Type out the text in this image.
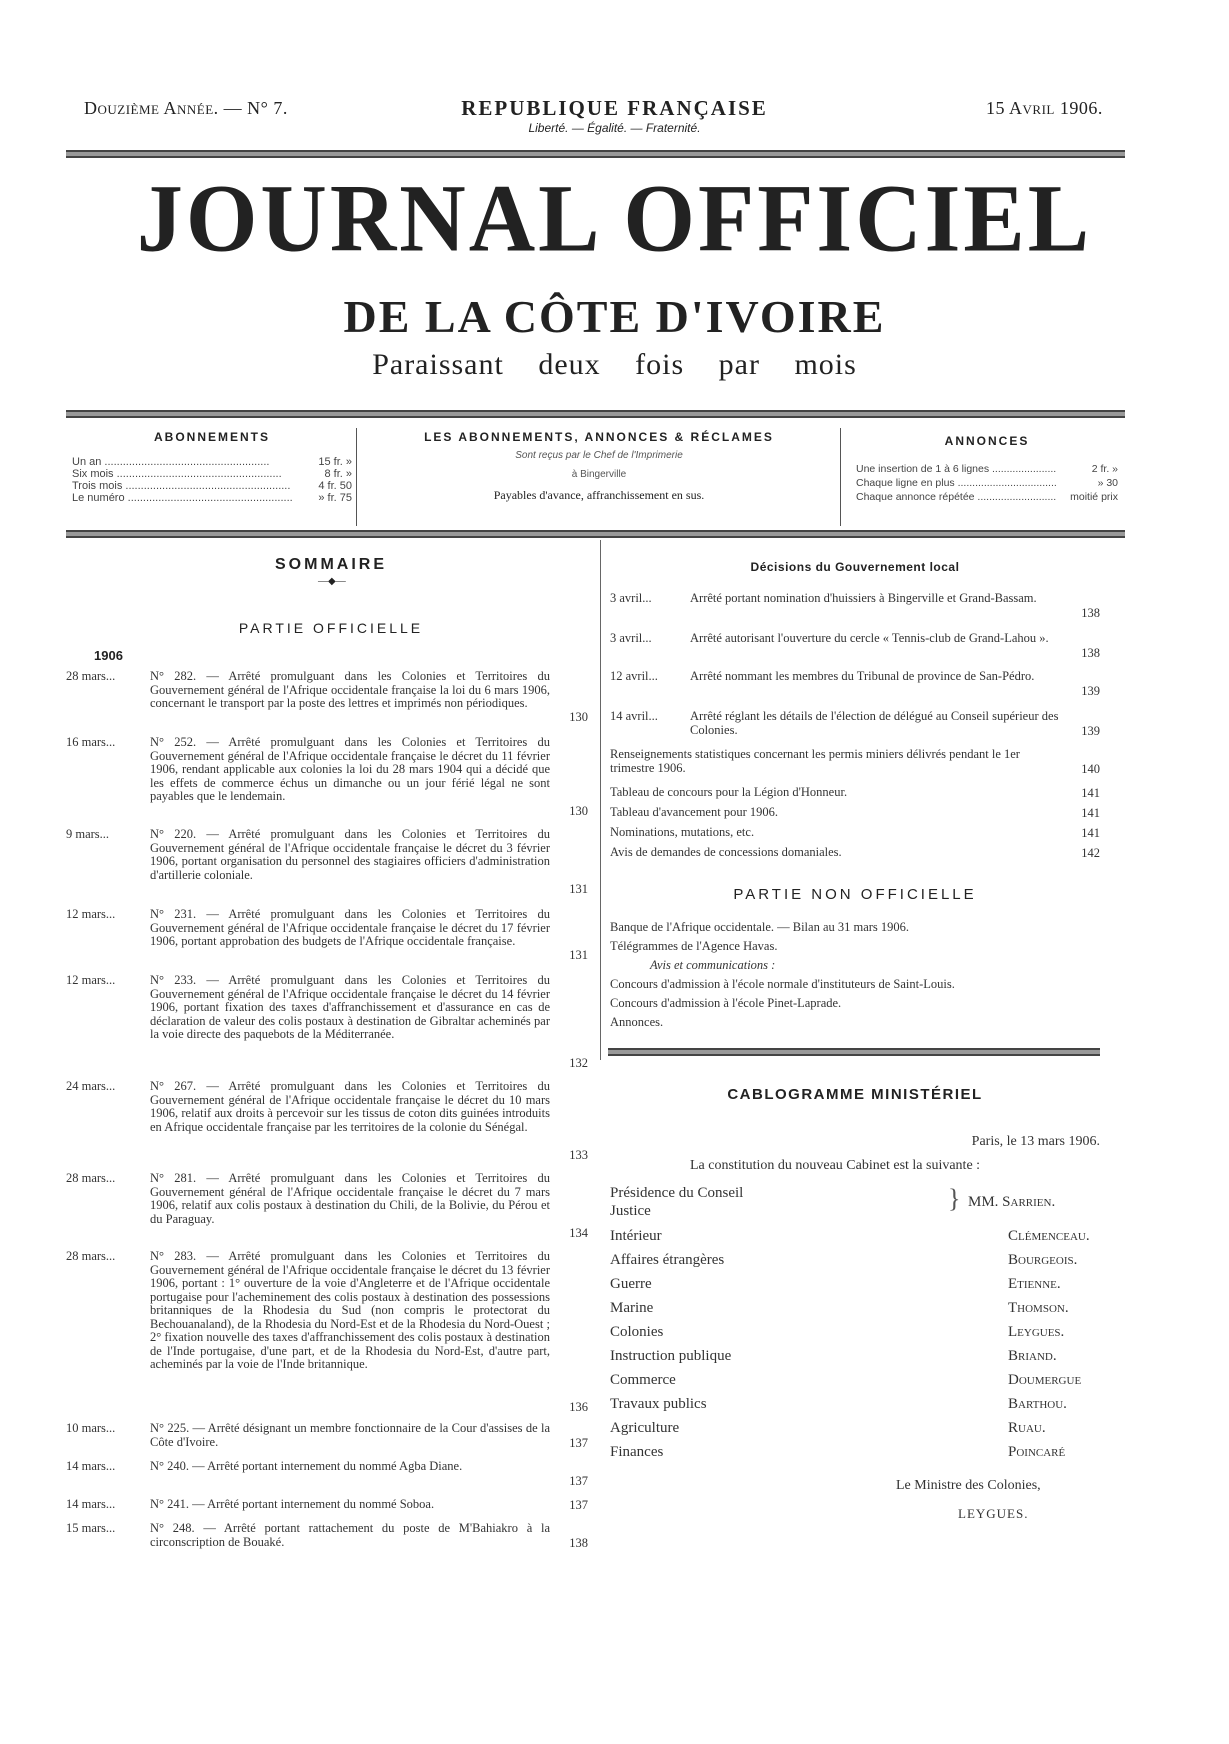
Douzième Année. — N° 7.	REPUBLIQUE FRANÇAISE
Liberté. — Égalité. — Fraternité.
15 Avril 1906.
JOURNAL OFFICIEL
DE LA CÔTE D'IVOIRE
Paraissant deux fois par mois
ABONNEMENTS
Un an .....	15 fr. »
Six mois .....	8 fr. »
Trois mois .....	4 fr. 50
Le numéro .....	» fr. 75
LES ABONNEMENTS, ANNONCES & RÉCLAMES
Sont reçus par le Chef de l'Imprimerie
à Bingerville
Payables d'avance, affranchissement en sus.
ANNONCES
Une insertion de 1 à 6 lignes .....	2 fr. »
Chaque ligne en plus .....	» 30
Chaque annonce répétée .....	moitié prix
SOMMAIRE
—◆—
PARTIE OFFICIELLE
1906
28 mars...	N° 282. — Arrêté promulguant dans les Colonies et Territoires du Gouvernement général de l'Afrique occidentale française la loi du 6 mars 1906, concernant le transport par la poste des lettres et imprimés non périodiques.
130
16 mars...	N° 252. — Arrêté promulguant dans les Colonies et Territoires du Gouvernement général de l'Afrique occidentale française le décret du 11 février 1906, rendant applicable aux colonies la loi du 28 mars 1904 qui a décidé que les effets de commerce échus un dimanche ou un jour férié légal ne sont payables que le lendemain.
130
9 mars...	N° 220. — Arrêté promulguant dans les Colonies et Territoires du Gouvernement général de l'Afrique occidentale française le décret du 3 février 1906, portant organisation du personnel des stagiaires officiers d'administration d'artillerie coloniale.
131
12 mars...	N° 231. — Arrêté promulguant dans les Colonies et Territoires du Gouvernement général de l'Afrique occidentale française le décret du 17 février 1906, portant approbation des budgets de l'Afrique occidentale française.
131
12 mars...	N° 233. — Arrêté promulguant dans les Colonies et Territoires du Gouvernement général de l'Afrique occidentale française le décret du 14 février 1906, portant fixation des taxes d'affranchissement et d'assurance en cas de déclaration de valeur des colis postaux à destination de Gibraltar acheminés par la voie directe des paquebots de la Méditerranée.
132
24 mars...	N° 267. — Arrêté promulguant dans les Colonies et Territoires du Gouvernement général de l'Afrique occidentale française le décret du 10 mars 1906, relatif aux droits à percevoir sur les tissus de coton dits guinées introduits en Afrique occidentale française par les territoires de la colonie du Sénégal.
133
28 mars...	N° 281. — Arrêté promulguant dans les Colonies et Territoires du Gouvernement général de l'Afrique occidentale française le décret du 7 mars 1906, relatif aux colis postaux à destination du Chili, de la Bolivie, du Pérou et du Paraguay.
134
28 mars...	N° 283. — Arrêté promulguant dans les Colonies et Territoires du Gouvernement général de l'Afrique occidentale française le décret du 13 février 1906, portant : 1° ouverture de la voie d'Angleterre et de l'Afrique occidentale portugaise pour l'acheminement des colis postaux à destination des possessions britanniques de la Rhodesia du Sud (non compris le protectorat du Bechouanaland), de la Rhodesia du Nord-Est et de la Rhodesia du Nord-Ouest ; 2° fixation nouvelle des taxes d'affranchissement des colis postaux à destination de l'Inde portugaise, d'une part, et de la Rhodesia du Nord-Est, d'autre part, acheminés par la voie de l'Inde britannique.
136
10 mars...	N° 225. — Arrêté désignant un membre fonctionnaire de la Cour d'assises de la Côte d'Ivoire.	137
14 mars...	N° 240. — Arrêté portant internement du nommé Agba Diane.
137
14 mars...	N° 241. — Arrêté portant internement du nommé Soboa.	137
15 mars...	N° 248. — Arrêté portant rattachement du poste de M'Bahiakro à la circonscription de Bouaké.	138
Décisions du Gouvernement local
3 avril...	Arrêté portant nomination d'huissiers à Bingerville et Grand-Bassam.
138
3 avril...	Arrêté autorisant l'ouverture du cercle « Tennis-club de Grand-Lahou ».
138
12 avril...	Arrêté nommant les membres du Tribunal de province de San-Pédro.
139
14 avril...	Arrêté réglant les détails de l'élection de délégué au Conseil supérieur des Colonies.	139
Renseignements statistiques concernant les permis miniers délivrés pendant le 1er trimestre 1906.	140
Tableau de concours pour la Légion d'Honneur.	141
Tableau d'avancement pour 1906.	141
Nominations, mutations, etc.	141
Avis de demandes de concessions domaniales.	142
PARTIE NON OFFICIELLE
Banque de l'Afrique occidentale. — Bilan au 31 mars 1906.
Télégrammes de l'Agence Havas.
Avis et communications :
Concours d'admission à l'école normale d'instituteurs de Saint-Louis.
Concours d'admission à l'école Pinet-Laprade.
Annonces.
CABLOGRAMME MINISTÉRIEL
Paris, le 13 mars 1906.
La constitution du nouveau Cabinet est la suivante :
Présidence du Conseil
Justice	} MM. Sarrien.
Intérieur	Clémenceau.
Affaires étrangères	Bourgeois.
Guerre	Etienne.
Marine	Thomson.
Colonies	Leygues.
Instruction publique	Briand.
Commerce	Doumergue
Travaux publics	Barthou.
Agriculture	Ruau.
Finances	Poincaré
Le Ministre des Colonies,
LEYGUES.
